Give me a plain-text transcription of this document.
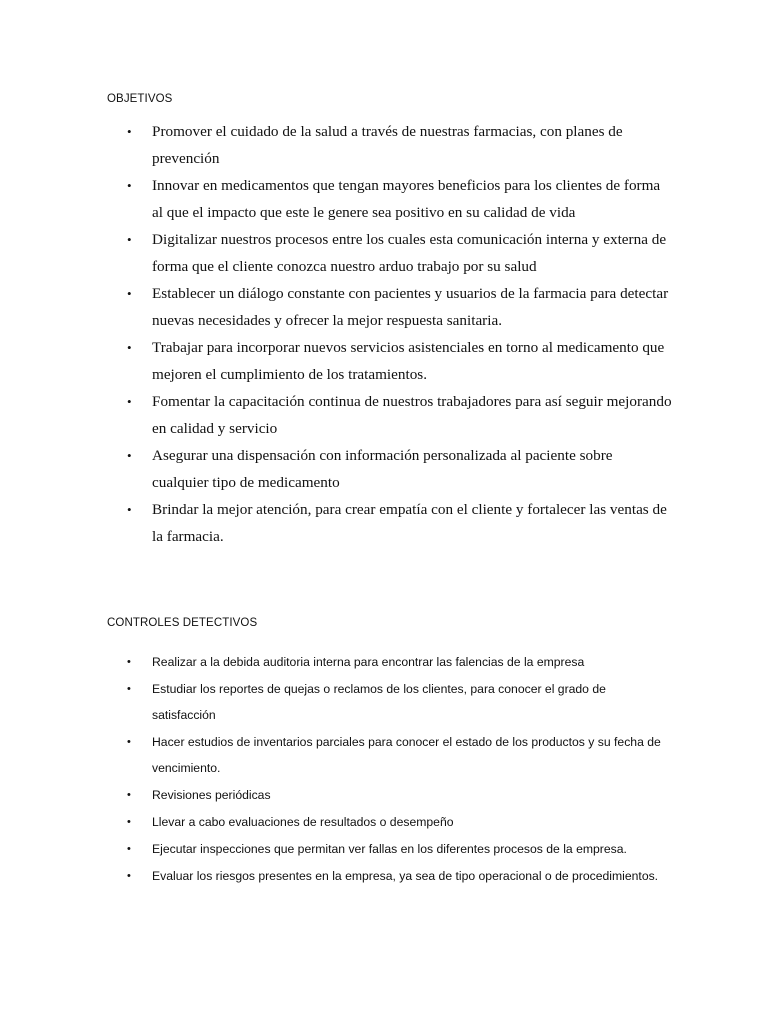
OBJETIVOS
• Promover el cuidado de la salud a través de nuestras farmacias, con planes de prevención
• Innovar en medicamentos que tengan mayores beneficios para los clientes de forma al que el impacto que este le genere sea positivo en su calidad de vida
• Digitalizar nuestros procesos entre los cuales esta comunicación interna y externa de forma que el cliente conozca nuestro arduo trabajo por su salud
• Establecer un diálogo constante con pacientes y usuarios de la farmacia para detectar nuevas necesidades y ofrecer la mejor respuesta sanitaria.
• Trabajar para incorporar nuevos servicios asistenciales en torno al medicamento que mejoren el cumplimiento de los tratamientos.
• Fomentar la capacitación continua de nuestros trabajadores para así seguir mejorando en calidad y servicio
• Asegurar una dispensación con información personalizada al paciente sobre cualquier tipo de medicamento
• Brindar la mejor atención, para crear empatía con el cliente y fortalecer las ventas de la farmacia.
CONTROLES DETECTIVOS
• Realizar a la debida auditoria interna para encontrar las falencias de la empresa
• Estudiar los reportes de quejas o reclamos de los clientes, para conocer el grado de satisfacción
• Hacer estudios de inventarios parciales para conocer el estado de los productos y su fecha de vencimiento.
• Revisiones periódicas
• Llevar a cabo evaluaciones de resultados o desempeño
• Ejecutar inspecciones que permitan ver fallas en los diferentes procesos de la empresa.
• Evaluar los riesgos presentes en la empresa, ya sea de tipo operacional o de procedimientos.
